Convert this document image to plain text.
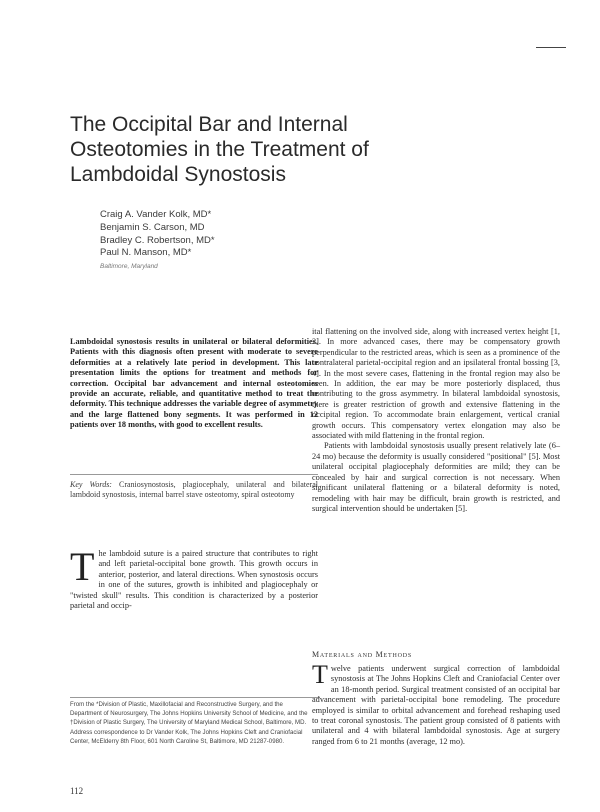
The Occipital Bar and Internal
Osteotomies in the Treatment of
Lambdoidal Synostosis
Craig A. Vander Kolk, MD*
Benjamin S. Carson, MD
Bradley C. Robertson, MD*
Paul N. Manson, MD*
Baltimore, Maryland
Lambdoidal synostosis results in unilateral or bilateral deformities. Patients with this diagnosis often present with moderate to severe deformities at a relatively late period in development. This late presentation limits the options for treatment and methods for correction. Occipital bar advancement and internal osteotomies provide an accurate, reliable, and quantitative method to treat the deformity. This technique addresses the variable degree of asymmetry and the large flattened bony segments. It was performed in 12 patients over 18 months, with good to excellent results.
Key Words: Craniosynostosis, plagiocephaly, unilateral and bilateral lambdoid synostosis, internal barrel stave osteotomy, spiral osteotomy
The lambdoid suture is a paired structure that contributes to right and left parietal-occipital bone growth. This growth occurs in anterior, posterior, and lateral directions. When synostosis occurs in one of the sutures, growth is inhibited and plagiocephaly or "twisted skull" results. This condition is characterized by a posterior parietal and occip-

From the *Division of Plastic, Maxillofacial and Reconstructive Surgery, and the Department of Neurosurgery, The Johns Hopkins University School of Medicine, and the †Division of Plastic Surgery, The University of Maryland Medical School, Baltimore, MD.

Address correspondence to Dr Vander Kolk, The Johns Hopkins Cleft and Craniofacial Center, McElderry 8th Floor, 601 North Caroline St, Baltimore, MD 21287-0980.

112

ital flattening on the involved side, along with increased vertex height [1, 2]. In more advanced cases, there may be compensatory growth perpendicular to the restricted areas, which is seen as a prominence of the contralateral parietal-occipital region and an ipsilateral frontal bossing [3, 4]. In the most severe cases, flattening in the frontal region may also be seen. In addition, the ear may be more posteriorly displaced, thus contributing to the gross asymmetry. In bilateral lambdoidal synostosis, there is greater restriction of growth and extensive flattening in the occipital region. To accommodate brain enlargement, vertical cranial growth occurs. This compensatory vertex elongation may also be associated with mild flattening in the frontal region.

Patients with lambdoidal synostosis usually present relatively late (6–24 mo) because the deformity is usually considered "positional" [5]. Most unilateral occipital plagiocephaly deformities are mild; they can be concealed by hair and surgical correction is not necessary. When significant unilateral flattening or a bilateral deformity is noted, remodeling with hair may be difficult, brain growth is restricted, and surgical intervention should be undertaken [5].

Materials and Methods
Twelve patients underwent surgical correction of lambdoidal synostosis at The Johns Hopkins Cleft and Craniofacial Center over an 18-month period. Surgical treatment consisted of an occipital bar advancement with parietal-occipital bone remodeling. The procedure employed is similar to orbital advancement and forehead reshaping used to treat coronal synostosis. The patient group consisted of 8 patients with unilateral and 4 with bilateral lambdoidal synostosis. Age at surgery ranged from 6 to 21 months (average, 12 mo).
